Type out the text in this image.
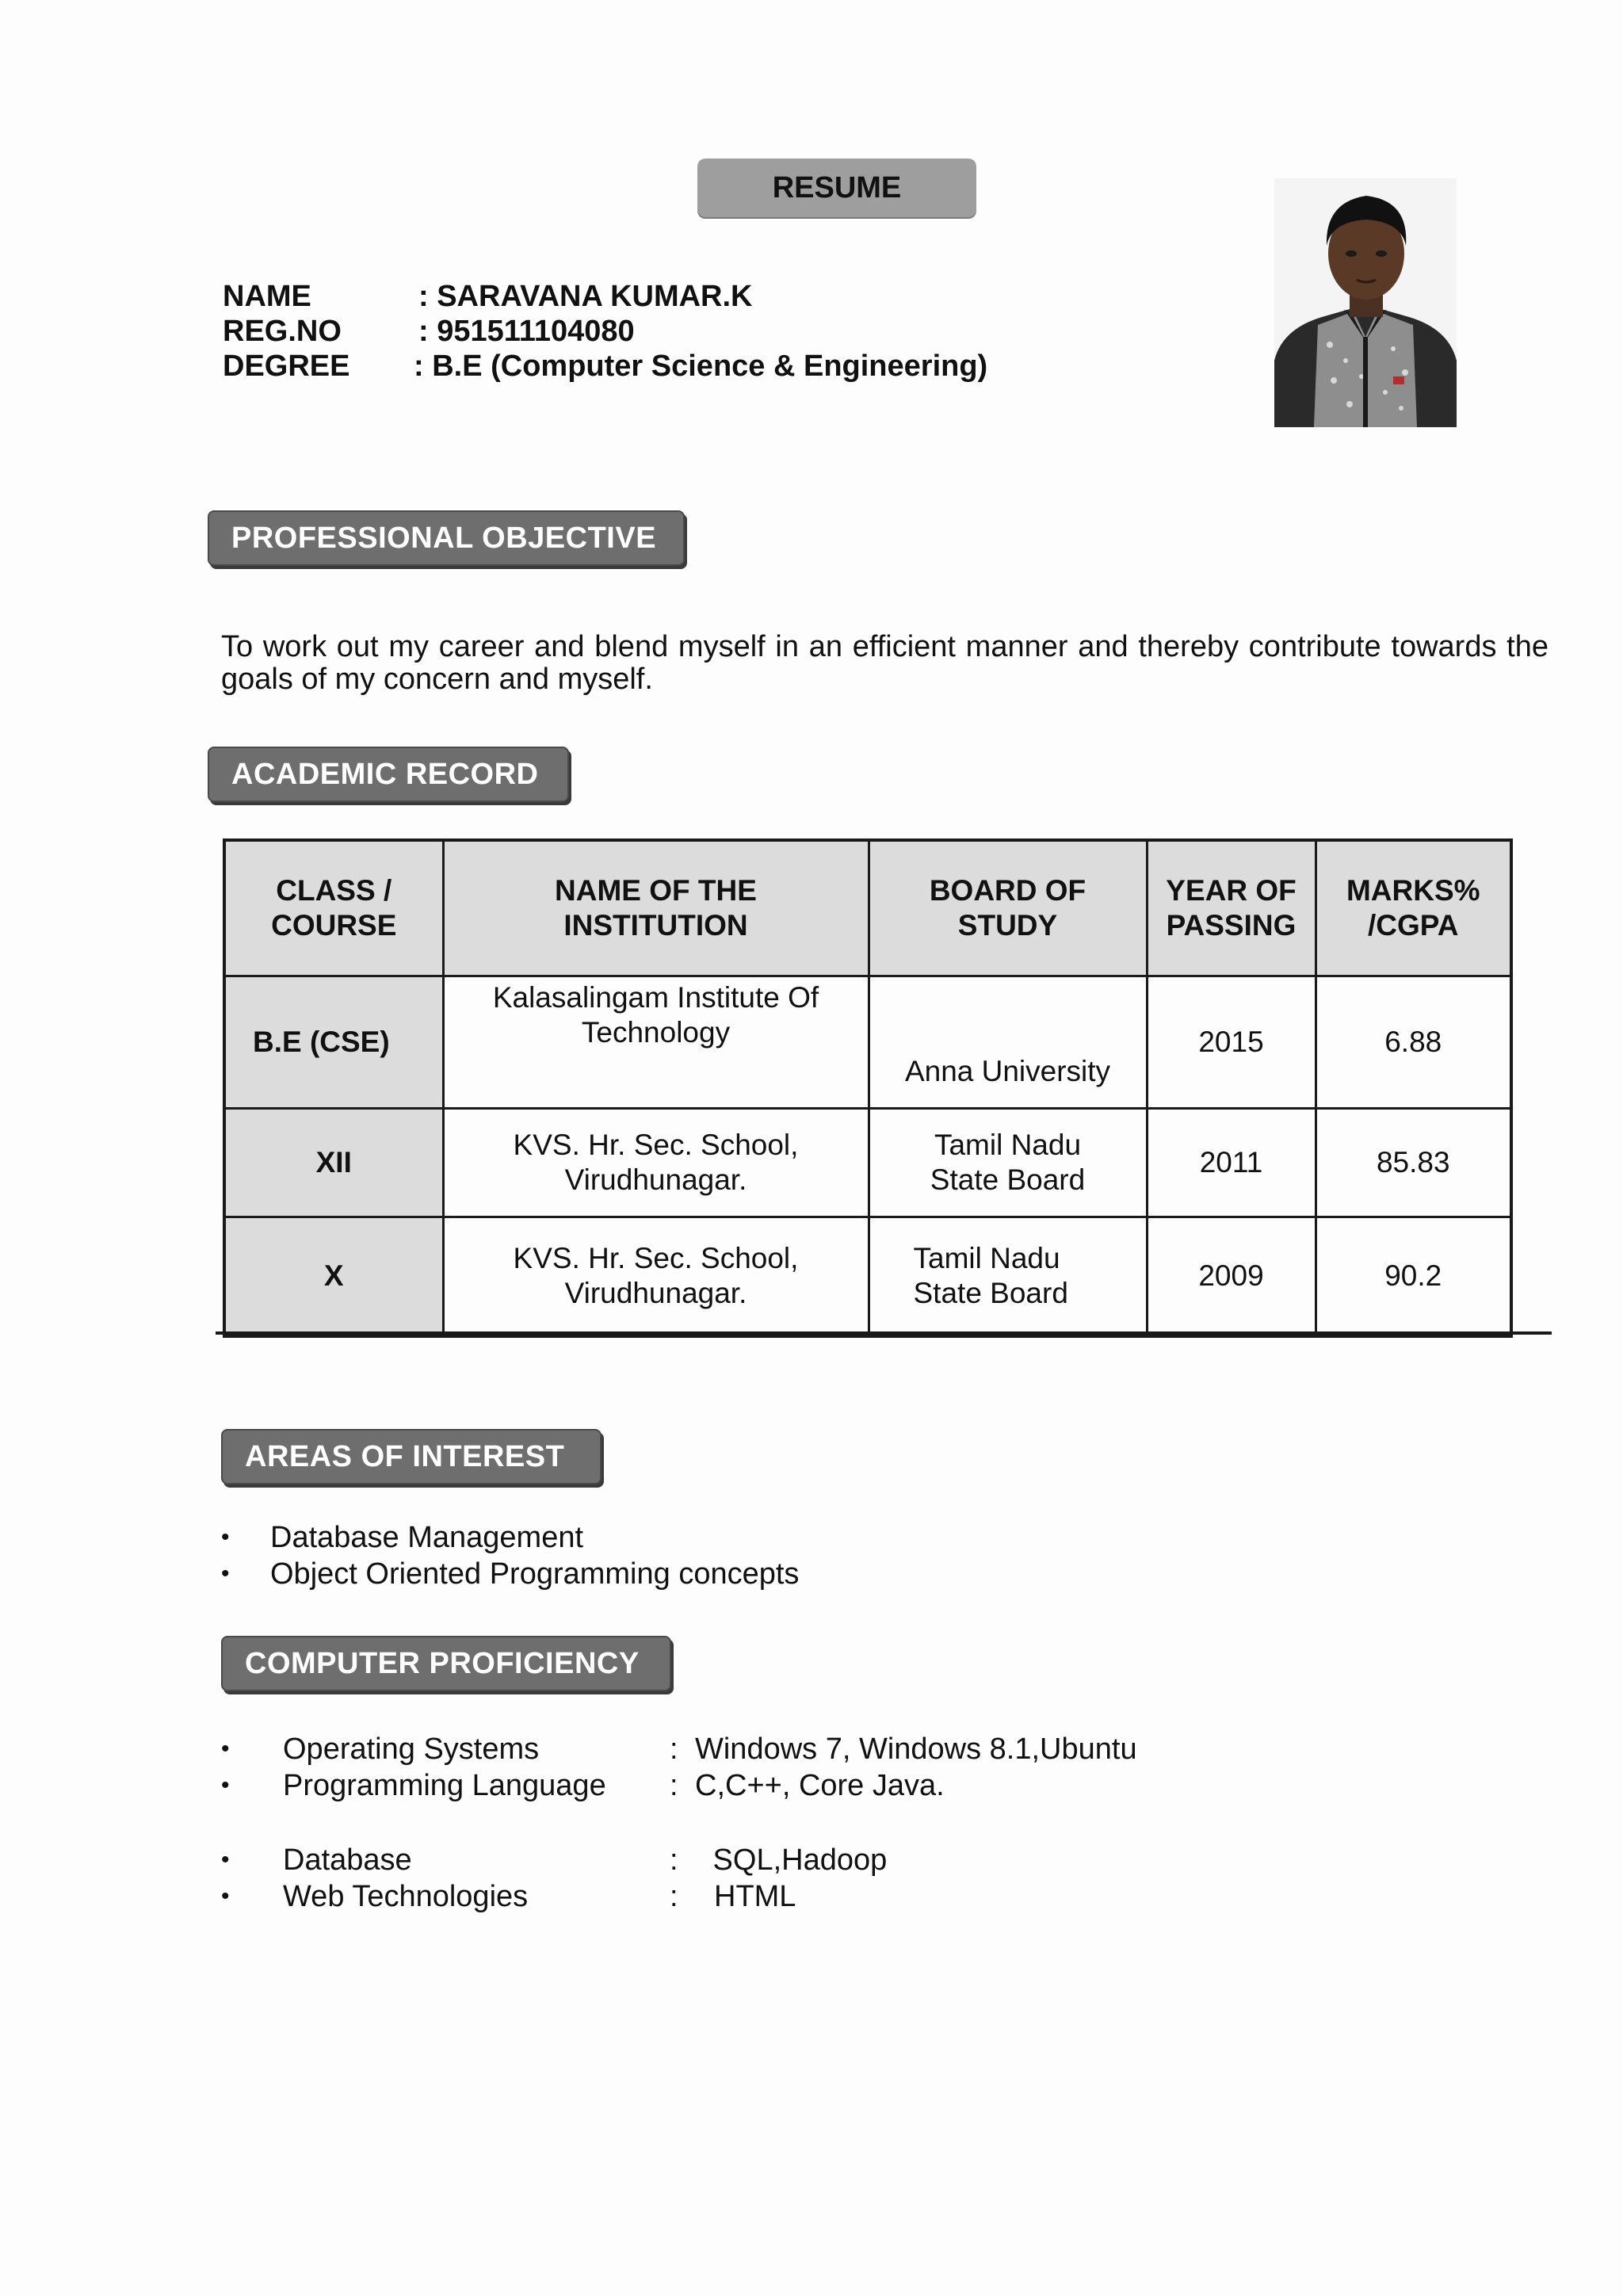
RESUME
NAME	: SARAVANA KUMAR.K
REG.NO	: 951511104080
DEGREE	: B.E (Computer Science & Engineering)
PROFESSIONAL OBJECTIVE
To work out my career and blend myself in an efficient manner and thereby contribute towards the goals of my concern and myself.
ACADEMIC RECORD
CLASS / COURSE	NAME OF THE INSTITUTION	BOARD OF STUDY	YEAR OF PASSING	MARKS% /CGPA

B.E (CSE)	Kalasalingam Institute Of Technology	Anna University	2015	6.88
XII	KVS. Hr. Sec. School, Virudhunagar.	Tamil Nadu State Board	2011	85.83
X	KVS. Hr. Sec. School, Virudhunagar.	Tamil Nadu State Board	2009	90.2
AREAS OF INTEREST
• Database Management
• Object Oriented Programming concepts
COMPUTER PROFICIENCY
• Operating Systems	: Windows 7, Windows 8.1,Ubuntu
• Programming Language : C,C++, Core Java.
• Database	: SQL,Hadoop
• Web Technologies	: HTML
